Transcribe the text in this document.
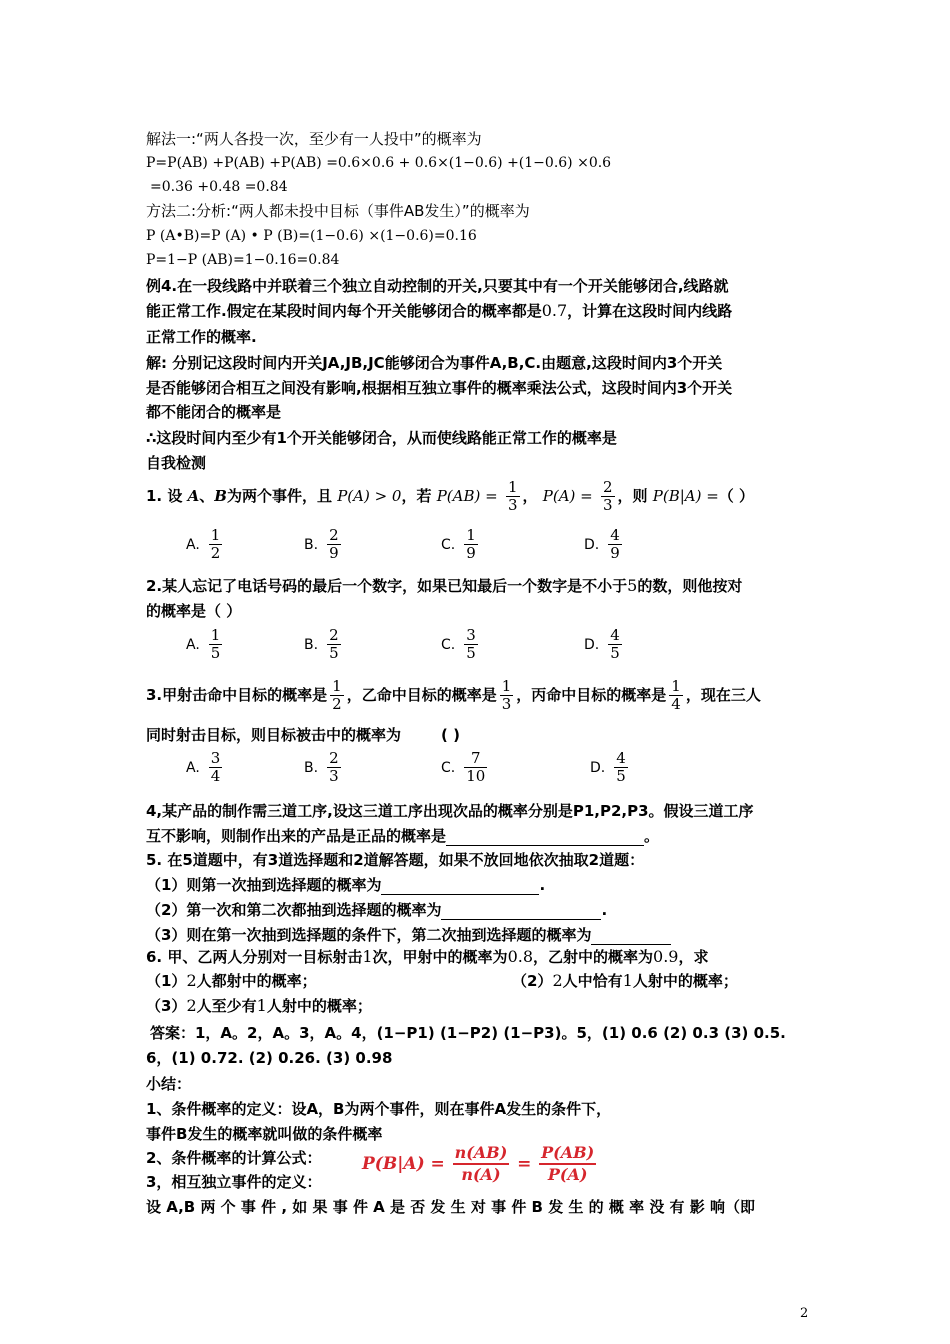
解法一:“两人各投一次，至少有一人投中”的概率为
P=P(AB) +P(AB) +P(AB) =0.6×0.6 + 0.6×(1−0.6) +(1−0.6) ×0.6
=0.36 +0.48 =0.84
方法二:分析:“两人都未投中目标（事件AB发生）”的概率为
P (A•B)=P (A) • P (B)=(1−0.6) ×(1−0.6)=0.16
P=1−P (AB)=1−0.16=0.84
例4.在一段线路中并联着三个独立自动控制的开关,只要其中有一个开关能够闭合,线路就
能正常工作.假定在某段时间内每个开关能够闭合的概率都是0.7，计算在这段时间内线路
正常工作的概率.
解: 分别记这段时间内开关JA,JB,JC能够闭合为事件A,B,C.由题意,这段时间内3个开关
是否能够闭合相互之间没有影响,根据相互独立事件的概率乘法公式，这段时间内3个开关
都不能闭合的概率是
∴这段时间内至少有1个开关能够闭合，从而使线路能正常工作的概率是
自我检测
1. 设 A、B为两个事件，且 P(A) > 0，若 $P(AB) = \frac{1}{3}$ ， $P(A) = \frac{2}{3}$ ，则 P(B|A) =（ ）
A. $\frac{1}{2}$	B. $\frac{2}{9}$	C. $\frac{1}{9}$	D. $\frac{4}{9}$
2.某人忘记了电话号码的最后一个数字，如果已知最后一个数字是不小于5的数，则他按对
的概率是（ ）
A. $\frac{1}{5}$	B. $\frac{2}{5}$	C. $\frac{3}{5}$	D. $\frac{4}{5}$
3.甲射击命中目标的概率是 $\frac{1}{2}$ ，乙命中目标的概率是 $\frac{1}{3}$ ，丙命中目标的概率是 $\frac{1}{4}$ ，现在三人
同时射击目标，则目标被击中的概率为	( )
A. $\frac{3}{4}$	B. $\frac{2}{3}$	C. $\frac{7}{10}$	D. $\frac{4}{5}$
4,某产品的制作需三道工序,设这三道工序出现次品的概率分别是P1,P2,P3。假设三道工序
互不影响，则制作出来的产品是正品的概率是	。
5. 在5道题中，有3道选择题和2道解答题，如果不放回地依次抽取2道题：
（1）则第一次抽到选择题的概率为	.
（2）第一次和第二次都抽到选择题的概率为	.
（3）则在第一次抽到选择题的条件下，第二次抽到选择题的概率为
6. 甲、乙两人分别对一目标射击1次，甲射中的概率为0.8，乙射中的概率为0.9，求
（1）2人都射中的概率；	（2）2人中恰有1人射中的概率；
（3）2人至少有1人射中的概率；
答案：1，A。2，A。3，A。4，(1−P1) (1−P2) (1−P3)。5，(1) 0.6 (2) 0.3 (3) 0.5.
6，(1) 0.72. (2) 0.26. (3) 0.98
小结：
1、条件概率的定义：设A，B为两个事件，则在事件A发生的条件下，
事件B发生的概率就叫做的条件概率
2、条件概率的计算公式： $P(B|A) = \frac{n(AB)}{n(A)} = \frac{P(AB)}{P(A)}$
3，相互独立事件的定义：
设 A,B 两 个 事 件 , 如 果 事 件 A 是 否 发 生 对 事 件 B 发 生 的 概 率 没 有 影 响（即
2
